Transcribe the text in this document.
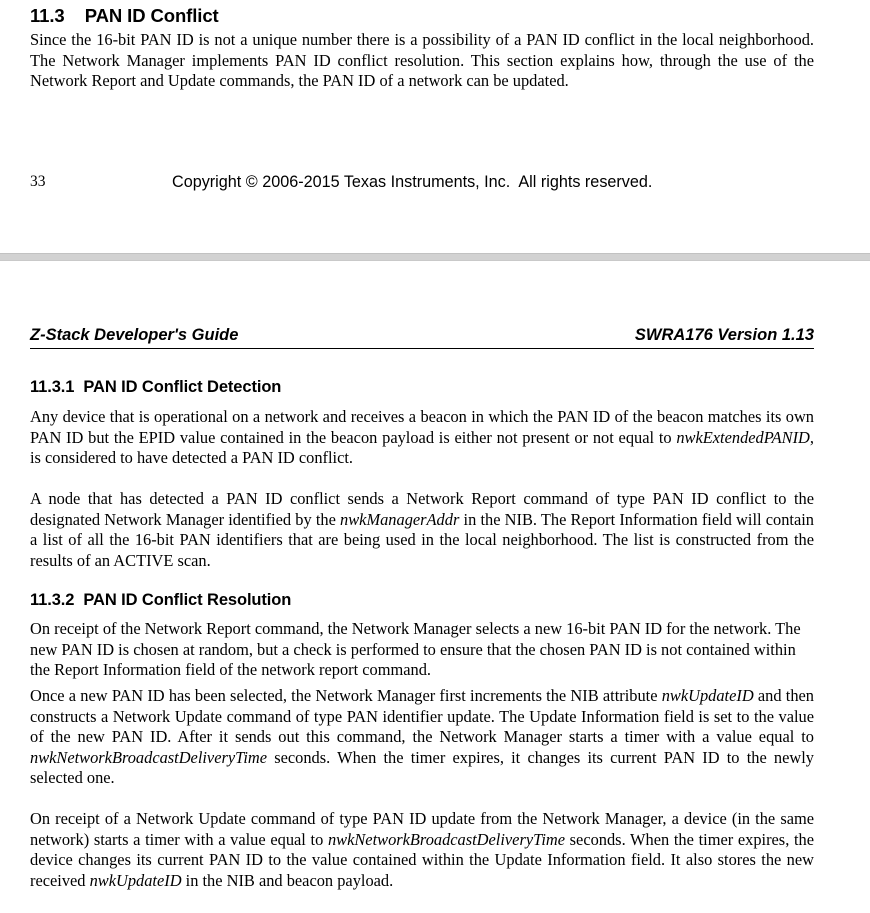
11.3    PAN ID Conflict

Since the 16-bit PAN ID is not a unique number there is a possibility of a PAN ID conflict in the local neighborhood. The Network Manager implements PAN ID conflict resolution. This section explains how, through the use of the Network Report and Update commands, the PAN ID of a network can be updated.

33	Copyright © 2006-2015 Texas Instruments, Inc.  All rights reserved.
Z-Stack Developer's Guide	SWRA176 Version 1.13
11.3.1  PAN ID Conflict Detection

Any device that is operational on a network and receives a beacon in which the PAN ID of the beacon matches its own PAN ID but the EPID value contained in the beacon payload is either not present or not equal to nwkExtendedPANID, is considered to have detected a PAN ID conflict.

A node that has detected a PAN ID conflict sends a Network Report command of type PAN ID conflict to the designated Network Manager identified by the nwkManagerAddr in the NIB. The Report Information field will contain a list of all the 16-bit PAN identifiers that are being used in the local neighborhood. The list is constructed from the results of an ACTIVE scan.

11.3.2  PAN ID Conflict Resolution

On receipt of the Network Report command, the Network Manager selects a new 16-bit PAN ID for the network. The new PAN ID is chosen at random, but a check is performed to ensure that the chosen PAN ID is not contained within the Report Information field of the network report command.

Once a new PAN ID has been selected, the Network Manager first increments the NIB attribute nwkUpdateID and then constructs a Network Update command of type PAN identifier update. The Update Information field is set to the value of the new PAN ID. After it sends out this command, the Network Manager starts a timer with a value equal to nwkNetworkBroadcastDeliveryTime seconds. When the timer expires, it changes its current PAN ID to the newly selected one.

On receipt of a Network Update command of type PAN ID update from the Network Manager, a device (in the same network) starts a timer with a value equal to nwkNetworkBroadcastDeliveryTime seconds. When the timer expires, the device changes its current PAN ID to the value contained within the Update Information field. It also stores the new received nwkUpdateID in the NIB and beacon payload.
